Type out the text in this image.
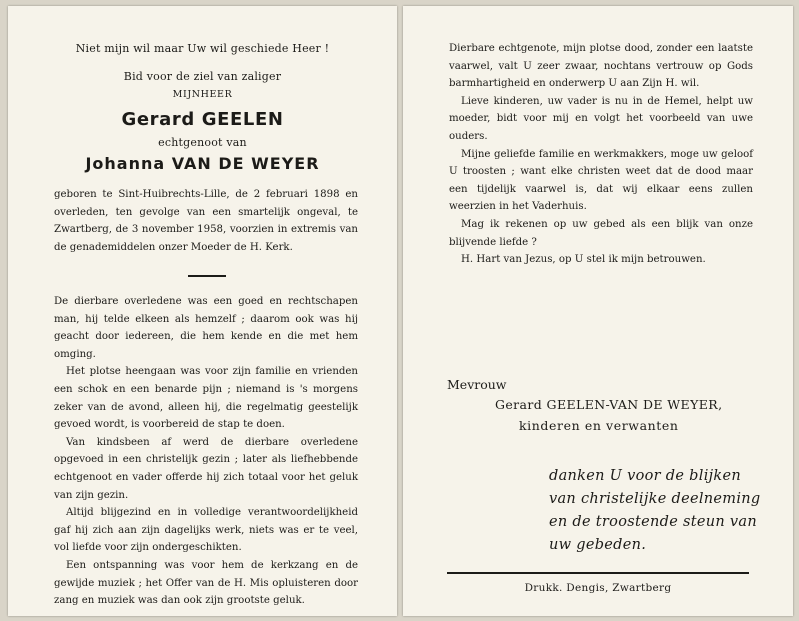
Niet mijn wil maar Uw wil geschiede Heer !
Bid voor de ziel van zaliger
MIJNHEER
Gerard GEELEN
echtgenoot van
Johanna VAN DE WEYER

geboren te Sint-Huibrechts-Lille, de 2 februari 1898 en overleden, ten gevolge van een smartelijk ongeval, te Zwartberg, de 3 november 1958, voorzien in extremis van de genademiddelen onzer Moeder de H. Kerk.

De dierbare overledene was een goed en rechtschapen man, hij telde elkeen als hemzelf ; daarom ook was hij geacht door iedereen, die hem kende en die met hem omging.

Het plotse heengaan was voor zijn familie en vrienden een schok en een benarde pijn ; niemand is 's morgens zeker van de avond, alleen hij, die regelmatig geestelijk gevoed wordt, is voorbereid de stap te doen.

Van kindsbeen af werd de dierbare overledene opgevoed in een christelijk gezin ; later als liefhebbende echtgenoot en vader offerde hij zich totaal voor het geluk van zijn gezin.

Altijd blijgezind en in volledige verantwoordelijkheid gaf hij zich aan zijn dagelijks werk, niets was er te veel, vol liefde voor zijn ondergeschikten.

Een ontspanning was voor hem de kerkzang en de gewijde muziek ; het Offer van de H. Mis opluisteren door zang en muziek was dan ook zijn grootste geluk.

Dierbare echtgenote, mijn plotse dood, zonder een laatste vaarwel, valt U zeer zwaar, nochtans vertrouw op Gods barmhartigheid en onderwerp U aan Zijn H. wil.

Lieve kinderen, uw vader is nu in de Hemel, helpt uw moeder, bidt voor mij en volgt het voorbeeld van uwe ouders.

Mijne geliefde familie en werkmakkers, moge uw geloof U troosten ; want elke christen weet dat de dood maar een tijdelijk vaarwel is, dat wij elkaar eens zullen weerzien in het Vaderhuis.

Mag ik rekenen op uw gebed als een blijk van onze blijvende liefde ?

H. Hart van Jezus, op U stel ik mijn betrouwen.

Mevrouw
Gerard GEELEN-VAN DE WEYER,
kinderen en verwanten
danken U voor de blijken
van christelijke deelneming
en de troostende steun van
uw gebeden.
Drukk. Dengis, Zwartberg
